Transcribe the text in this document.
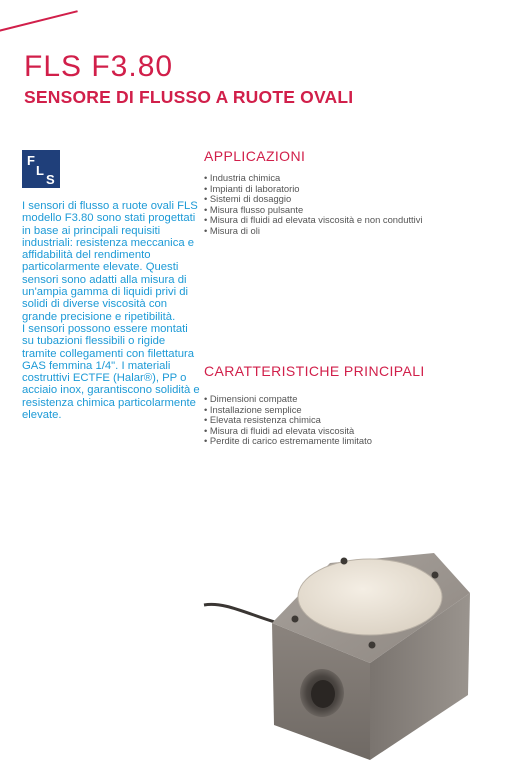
FLS F3.80
SENSORE DI FLUSSO A RUOTE OVALI
F
L
S
I sensori di flusso a ruote ovali FLS modello F3.80 sono stati progettati in base ai principali requisiti industriali: resistenza meccanica e affidabilità del rendimento particolarmente elevate. Questi sensori sono adatti alla misura di un'ampia gamma di liquidi privi di solidi di diverse viscosità con grande precisione e ripetibilità.
I sensori possono essere montati su tubazioni flessibili o rigide tramite collegamenti con filettatura GAS femmina 1/4". I materiali costruttivi ECTFE (Halar®), PP o acciaio inox, garantiscono solidità e resistenza chimica particolarmente elevate.
APPLICAZIONI
• Industria chimica
• Impianti di laboratorio
• Sistemi di dosaggio
• Misura flusso pulsante
• Misura di fluidi ad elevata viscosità e non conduttivi
• Misura di oli
CARATTERISTICHE PRINCIPALI
• Dimensioni compatte
• Installazione semplice
• Elevata resistenza chimica
• Misura di fluidi ad elevata viscosità
• Perdite di carico estremamente limitato
